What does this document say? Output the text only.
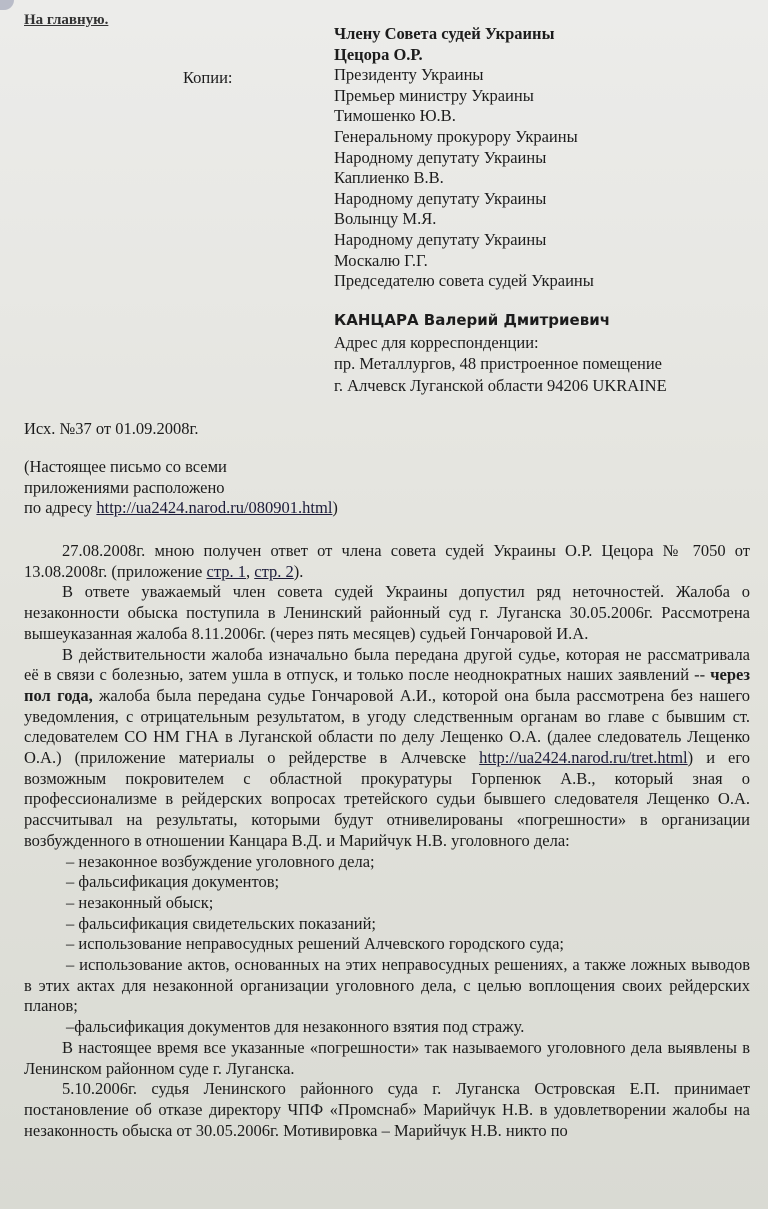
На главную.
Копии:
Члену Совета судей Украины
Цецора О.Р.
Президенту Украины
Премьер министру Украины
Тимошенко Ю.В.
Генеральному прокурору Украины
Народному депутату Украины
Каплиенко В.В.
Народному депутату Украины
Волынцу М.Я.
Народному депутату Украины
Москалю Г.Г.
Председателю совета судей Украины
КАНЦАРА Валерий Дмитриевич
Адрес для корреспонденции:
пр. Металлургов, 48 пристроенное помещение
г. Алчевск Луганской области 94206 UKRAINE
Исх. №37 от 01.09.2008г.
(Настоящее письмо со всеми
приложениями расположено
по адресу http://ua2424.narod.ru/080901.html)

27.08.2008г. мною получен ответ от члена совета судей Украины О.Р. Цецора № 7050 от 13.08.2008г. (приложение стр. 1, стр. 2).

В ответе уважаемый член совета судей Украины допустил ряд неточностей. Жалоба о незаконности обыска поступила в Ленинский районный суд г. Луганска 30.05.2006г. Рассмотрена вышеуказанная жалоба 8.11.2006г. (через пять месяцев) судьей Гончаровой И.А.

В действительности жалоба изначально была передана другой судье, которая не рассматривала её в связи с болезнью, затем ушла в отпуск, и только после неоднократных наших заявлений -- через пол года, жалоба была передана судье Гончаровой А.И., которой она была рассмотрена без нашего уведомления, с отрицательным результатом, в угоду следственным органам во главе с бывшим ст. следователем СО НМ ГНА в Луганской области по делу Лещенко О.А. (далее следователь Лещенко О.А.) (приложение материалы о рейдерстве в Алчевске http://ua2424.narod.ru/tret.html) и его возможным покровителем с областной прокуратуры Горпенюк А.В., который зная о профессионализме в рейдерских вопросах третейского судьи бывшего следователя Лещенко О.А. рассчитывал на результаты, которыми будут отнивелированы «погрешности» в организации возбужденного в отношении Канцара В.Д. и Марийчук Н.В. уголовного дела:

– незаконное возбуждение уголовного дела;

– фальсификация документов;

– незаконный обыск;

– фальсификация свидетельских показаний;

– использование неправосудных решений Алчевского городского суда;

– использование актов, основанных на этих неправосудных решениях, а также ложных выводов в этих актах для незаконной организации уголовного дела, с целью воплощения своих рейдерских планов;

–фальсификация документов для незаконного взятия под стражу.

В настоящее время все указанные «погрешности» так называемого уголовного дела выявлены в Ленинском районном суде г. Луганска.

5.10.2006г. судья Ленинского районного суда г. Луганска Островская Е.П. принимает постановление об отказе директору ЧПФ «Промснаб» Марийчук Н.В. в удовлетворении жалобы на незаконность обыска от 30.05.2006г. Мотивировка – Марийчук Н.В. никто по
